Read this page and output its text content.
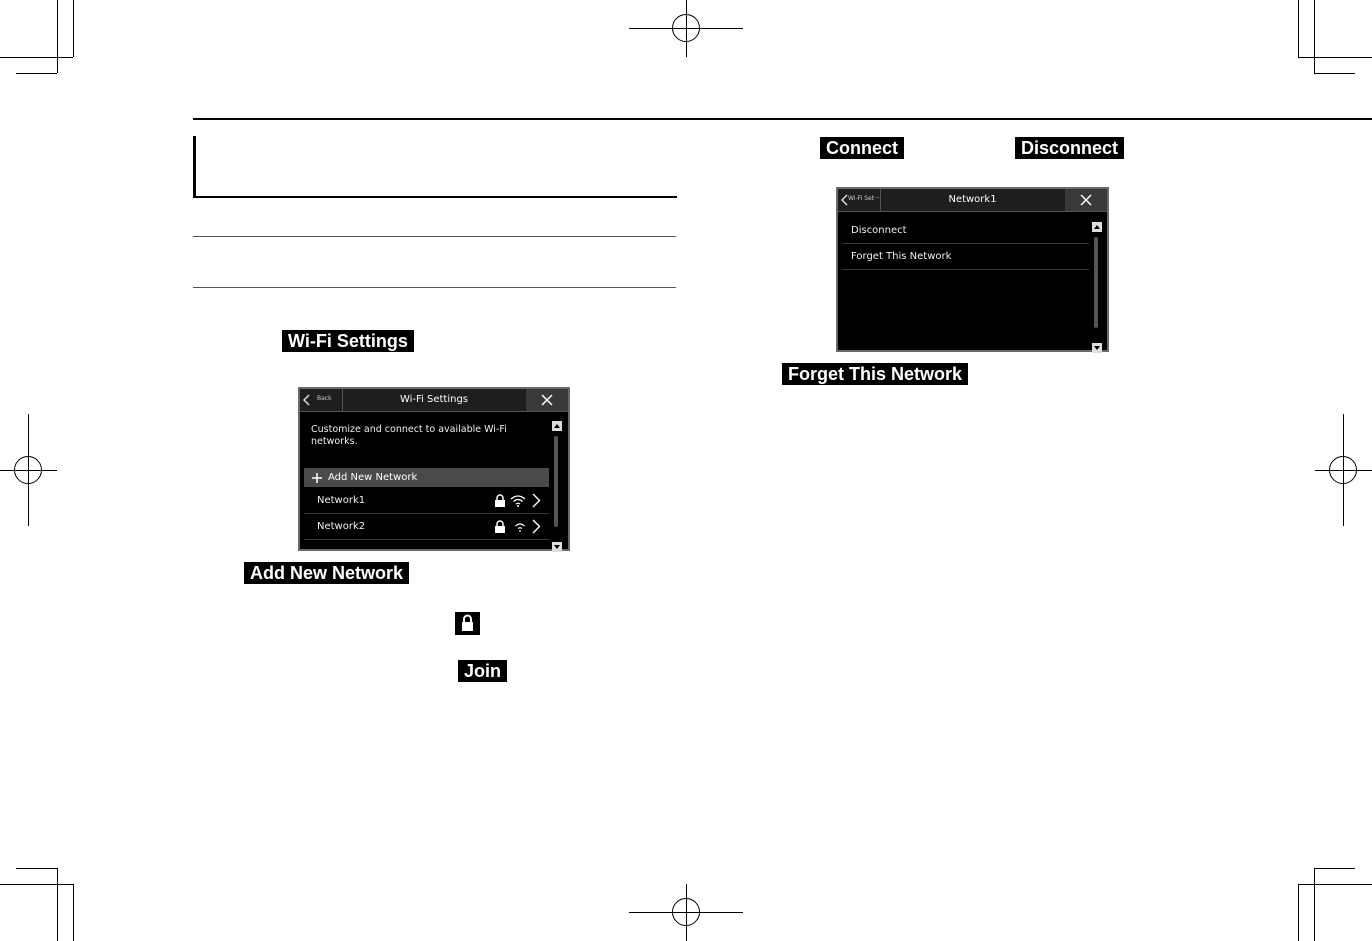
Wi-Fi Settings
Add New Network
Join
Connect	Disconnect
Forget This Network
Back	Wi-Fi Settings
Customize and connect to available Wi-Fi networks.
Add New Network
Network1
Network2
Wi-Fi Set···	Network1
Disconnect
Forget This Network
